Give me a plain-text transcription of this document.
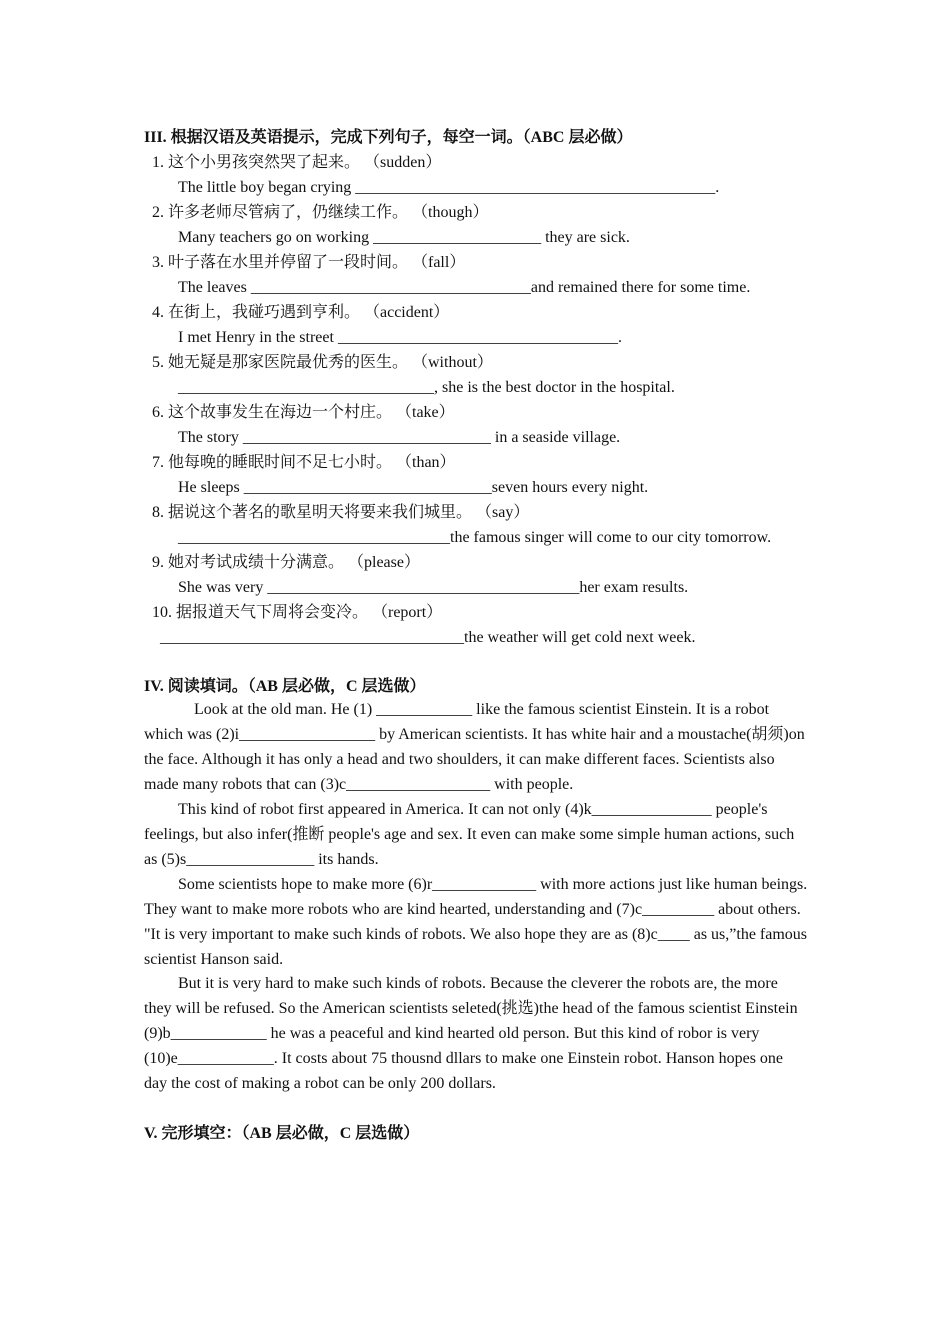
III. 根据汉语及英语提示，完成下列句子，每空一词。（ABC 层必做）
1. 这个小男孩突然哭了起来。 （sudden）
The little boy began crying _____________________________________________.
2. 许多老师尽管病了，仍继续工作。 （though）
Many teachers go on working _____________________ they are sick.
3. 叶子落在水里并停留了一段时间。 （fall）
The leaves ___________________________________and remained there for some time.
4. 在街上，我碰巧遇到亨利。 （accident）
I met Henry in the street ___________________________________.
5. 她无疑是那家医院最优秀的医生。 （without）
________________________________, she is the best doctor in the hospital.
6. 这个故事发生在海边一个村庄。 （take）
The story _______________________________ in a seaside village.
7. 他每晚的睡眠时间不足七小时。 （than）
He sleeps _______________________________seven hours every night.
8. 据说这个著名的歌星明天将要来我们城里。 （say）
__________________________________the famous singer will come to our city tomorrow.
9. 她对考试成绩十分满意。 （please）
She was very _______________________________________her exam results.
10. 据报道天气下周将会变冷。 （report）
______________________________________the weather will get cold next week.
IV. 阅读填词。（AB 层必做，C 层选做）

Look at the old man. He (1) ____________ like the famous scientist Einstein. It is a robot which was (2)i_________________ by American scientists. It has white hair and a moustache(胡须)on the face. Although it has only a head and two shoulders, it can make different faces. Scientists also made many robots that can (3)c__________________ with people.

This kind of robot first appeared in America. It can not only (4)k_______________ people's feelings, but also infer(推断 people's age and sex. It even can make some simple human actions, such as (5)s________________ its hands.

Some scientists hope to make more (6)r_____________ with more actions just like human beings. They want to make more robots who are kind hearted, understanding and (7)c_________ about others. "It is very important to make such kinds of robots. We also hope they are as (8)c____ as us,”the famous scientist Hanson said.

But it is very hard to make such kinds of robots. Because the cleverer the robots are, the more they will be refused. So the American scientists seleted(挑选)the head of the famous scientist Einstein (9)b____________ he was a peaceful and kind hearted old person. But this kind of robor is very (10)e____________. It costs about 75 thousnd dllars to make one Einstein robot. Hanson hopes one day the cost of making a robot can be only 200 dollars.

V. 完形填空：（AB 层必做，C 层选做）
